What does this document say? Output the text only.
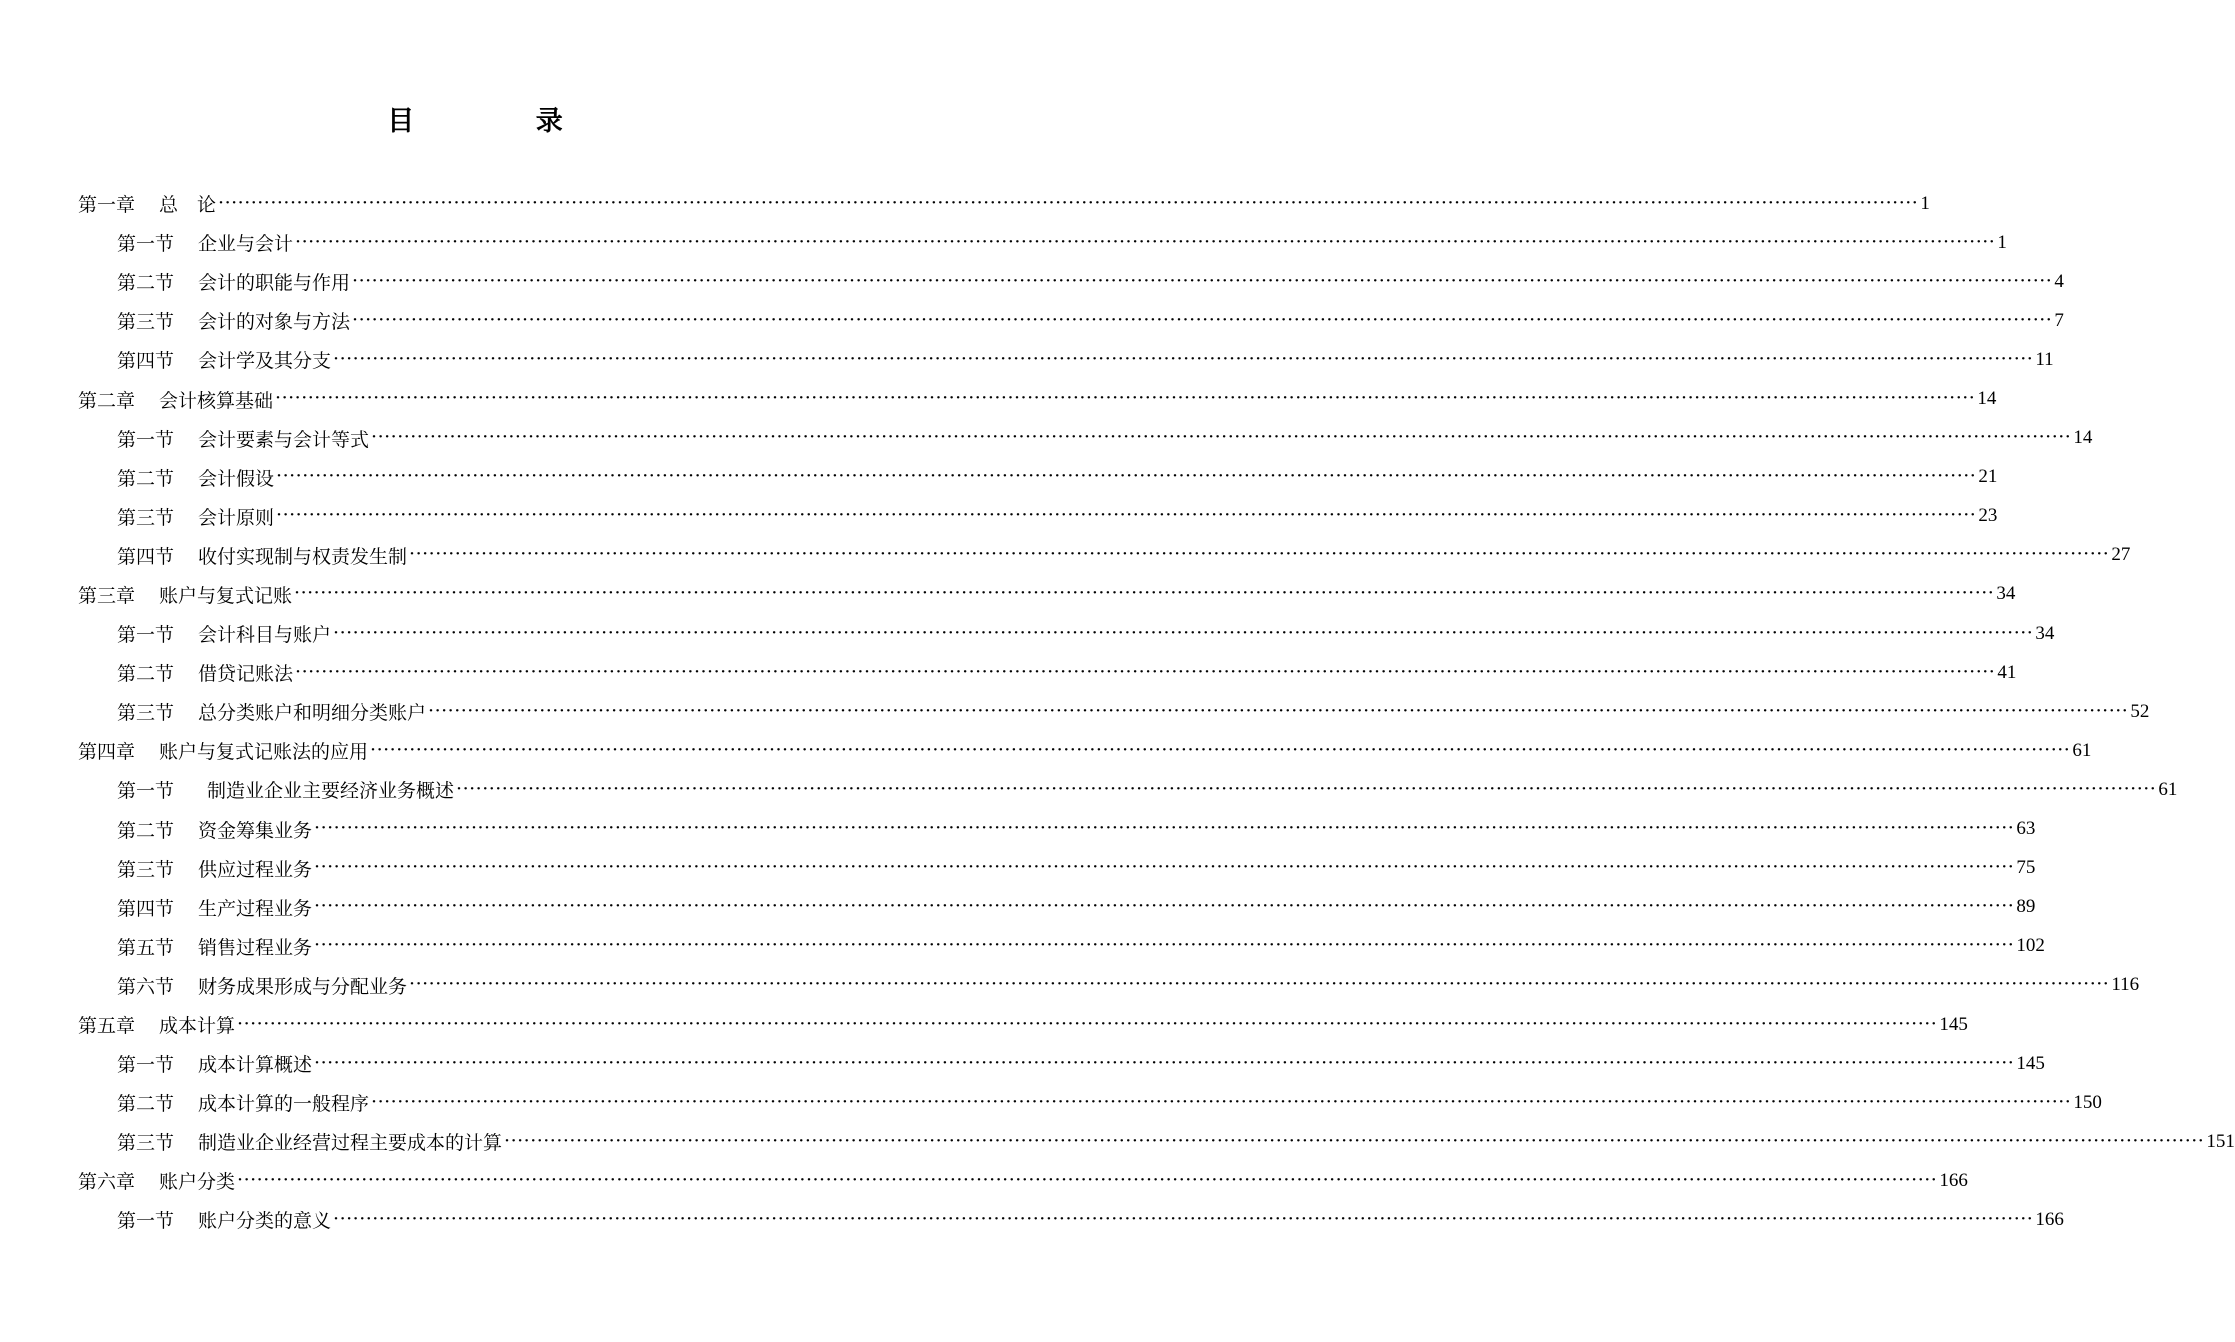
目 录
第一章 总　论 ···································································································································································································································································· 1
第一节 企业与会计 ···································································································································································································································································· 1
第二节 会计的职能与作用 ···································································································································································································································································· 4
第三节 会计的对象与方法 ···································································································································································································································································· 7
第四节 会计学及其分支 ···································································································································································································································································· 11
第二章 会计核算基础 ···································································································································································································································································· 14
第一节 会计要素与会计等式 ···································································································································································································································································· 14
第二节 会计假设 ···································································································································································································································································· 21
第三节 会计原则 ···································································································································································································································································· 23
第四节 收付实现制与权责发生制 ···································································································································································································································································· 27
第三章 账户与复式记账 ···································································································································································································································································· 34
第一节 会计科目与账户 ···································································································································································································································································· 34
第二节 借贷记账法 ···································································································································································································································································· 41
第三节 总分类账户和明细分类账户 ···································································································································································································································································· 52
第四章 账户与复式记账法的应用 ···································································································································································································································································· 61
第一节 制造业企业主要经济业务概述 ···································································································································································································································································· 61
第二节 资金筹集业务 ···································································································································································································································································· 63
第三节 供应过程业务 ···································································································································································································································································· 75
第四节 生产过程业务 ···································································································································································································································································· 89
第五节 销售过程业务 ···································································································································································································································································· 102
第六节 财务成果形成与分配业务 ···································································································································································································································································· 116
第五章 成本计算 ···································································································································································································································································· 145
第一节 成本计算概述 ···································································································································································································································································· 145
第二节 成本计算的一般程序 ···································································································································································································································································· 150
第三节 制造业企业经营过程主要成本的计算 ···································································································································································································································································· 151
第六章 账户分类 ···································································································································································································································································· 166
第一节 账户分类的意义 ···································································································································································································································································· 166
